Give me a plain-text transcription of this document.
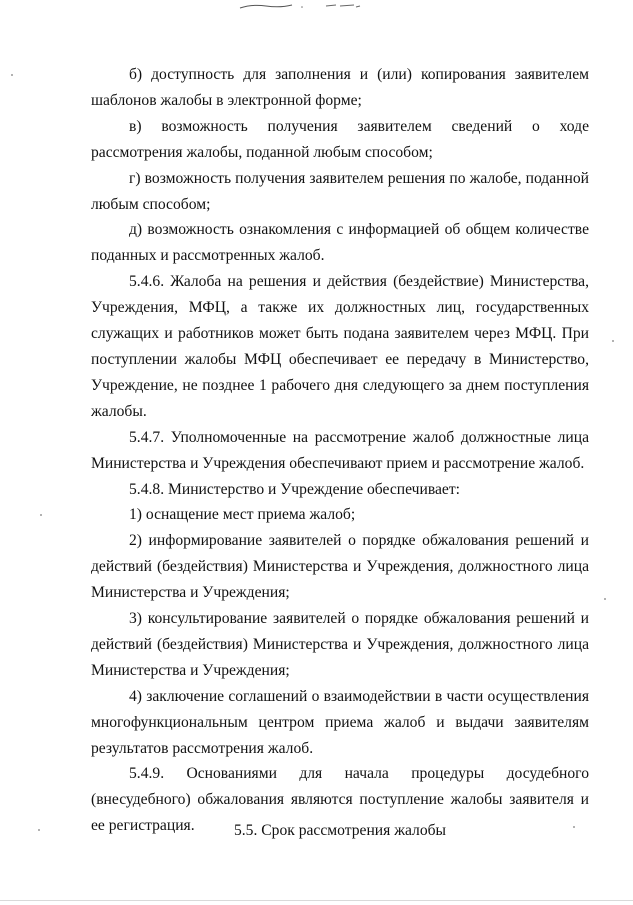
б) доступность для заполнения и (или) копирования заявителем шаблонов жалобы в электронной форме;

в) возможность получения заявителем сведений о ходе рассмотрения жалобы, поданной любым способом;

г) возможность получения заявителем решения по жалобе, поданной любым способом;

д) возможность ознакомления с информацией об общем количестве поданных и рассмотренных жалоб.

5.4.6. Жалоба на решения и действия (бездействие) Министерства, Учреждения, МФЦ, а также их должностных лиц, государственных служащих и работников может быть подана заявителем через МФЦ. При поступлении жалобы МФЦ обеспечивает ее передачу в Министерство, Учреждение, не позднее 1 рабочего дня следующего за днем поступления жалобы.

5.4.7. Уполномоченные на рассмотрение жалоб должностные лица Министерства и Учреждения обеспечивают прием и рассмотрение жалоб.

5.4.8. Министерство и Учреждение обеспечивает:

1) оснащение мест приема жалоб;

2) информирование заявителей о порядке обжалования решений и действий (бездействия) Министерства и Учреждения, должностного лица Министерства и Учреждения;

3) консультирование заявителей о порядке обжалования решений и действий (бездействия) Министерства и Учреждения, должностного лица Министерства и Учреждения;

4) заключение соглашений о взаимодействии в части осуществления многофункциональным центром приема жалоб и выдачи заявителям результатов рассмотрения жалоб.

5.4.9. Основаниями для начала процедуры досудебного (внесудебного) обжалования являются поступление жалобы заявителя и ее регистрация.	5.5. Срок рассмотрения жалобы
